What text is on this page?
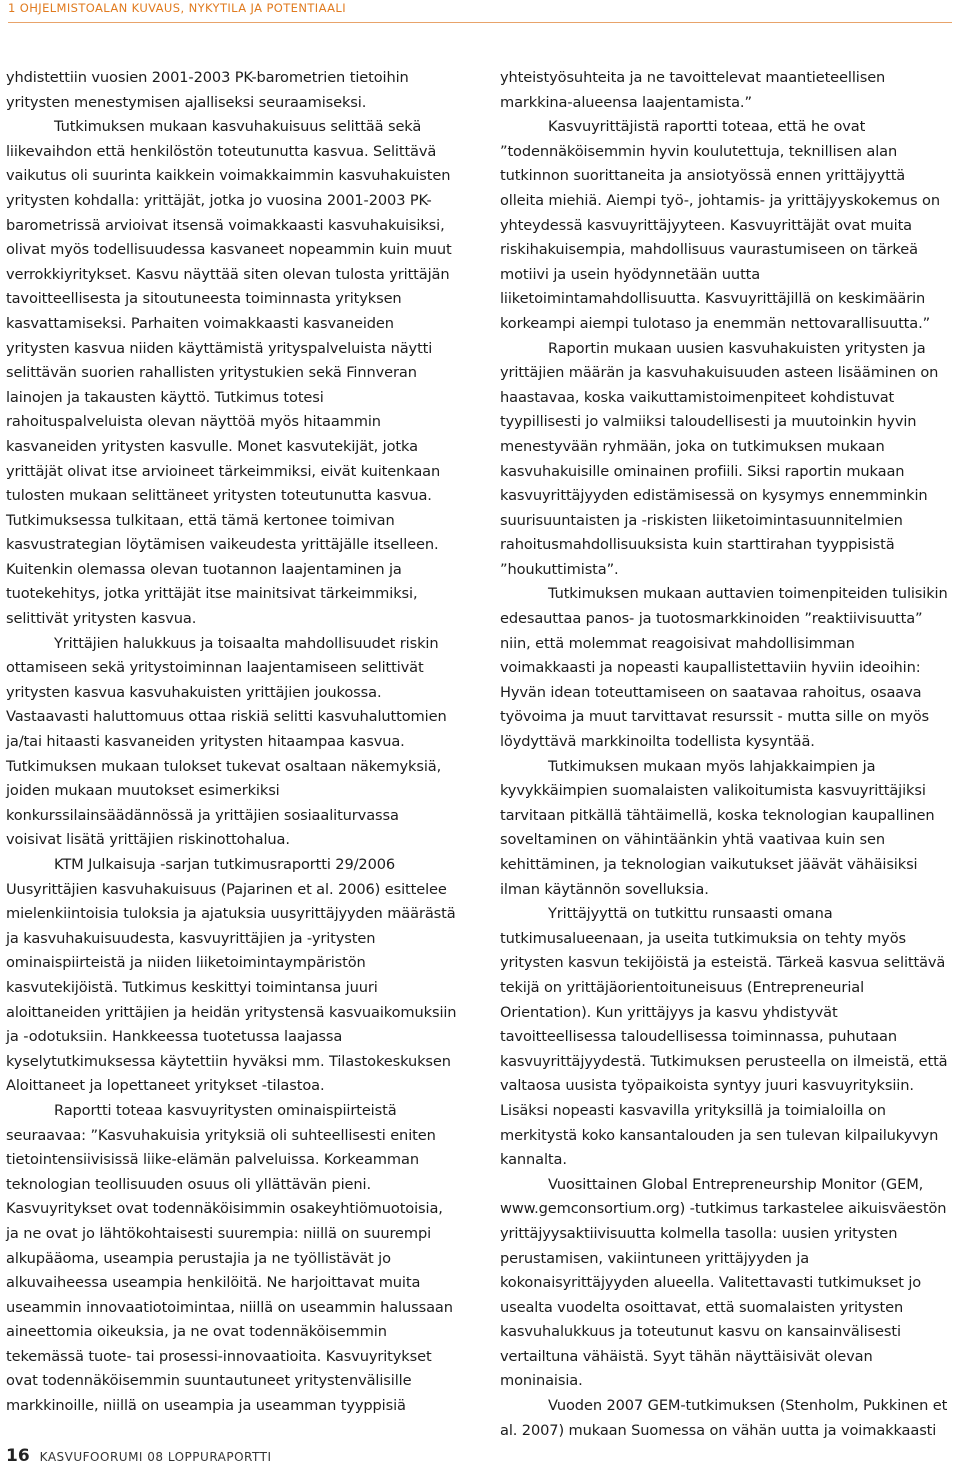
1 OHJELMISTOALAN KUVAUS, NYKYTILA JA POTENTIAALI

yhdistettiin vuosien 2001-2003 PK-barometrien tietoihin yritysten menestymisen ajalliseksi seuraamiseksi.

Tutkimuksen mukaan kasvuhakuisuus selittää sekä liikevaihdon että henkilöstön toteutunutta kasvua. Selittävä vaikutus oli suurinta kaikkein voimakkaimmin kasvuhakuisten yritysten kohdalla: yrittäjät, jotka jo vuosina 2001-2003 PK-barometrissä arvioivat itsensä voimakkaasti kasvuhakuisiksi, olivat myös todellisuudessa kasvaneet nopeammin kuin muut verrokkiyritykset. Kasvu näyttää siten olevan tulosta yrittäjän tavoitteellisesta ja sitoutuneesta toiminnasta yrityksen kasvattamiseksi. Parhaiten voimakkaasti kasvaneiden yritysten kasvua niiden käyttämistä yrityspalveluista näytti selittävän suorien rahallisten yritystukien sekä Finnveran lainojen ja takausten käyttö. Tutkimus totesi rahoituspalveluista olevan näyttöä myös hitaammin kasvaneiden yritysten kasvulle. Monet kasvutekijät, jotka yrittäjät olivat itse arvioineet tärkeimmiksi, eivät kuitenkaan tulosten mukaan selittäneet yritysten toteutunutta kasvua. Tutkimuksessa tulkitaan, että tämä kertonee toimivan kasvustrategian löytämisen vaikeudesta yrittäjälle itselleen. Kuitenkin olemassa olevan tuotannon laajentaminen ja tuotekehitys, jotka yrittäjät itse mainitsivat tärkeimmiksi, selittivät yritysten kasvua.

Yrittäjien halukkuus ja toisaalta mahdollisuudet riskin ottamiseen sekä yritystoiminnan laajentamiseen selittivät yritysten kasvua kasvuhakuisten yrittäjien joukossa. Vastaavasti haluttomuus ottaa riskiä selitti kasvuhaluttomien ja/tai hitaasti kasvaneiden yritysten hitaampaa kasvua. Tutkimuksen mukaan tulokset tukevat osaltaan näkemyksiä, joiden mukaan muutokset esimerkiksi konkurssilainsäädännössä ja yrittäjien sosiaaliturvassa voisivat lisätä yrittäjien riskinottohalua.

KTM Julkaisuja -sarjan tutkimusraportti 29/2006 Uusyrittäjien kasvuhakuisuus (Pajarinen et al. 2006) esittelee mielenkiintoisia tuloksia ja ajatuksia uusyrittäjyyden määrästä ja kasvuhakuisuudesta, kasvuyrittäjien ja -yritysten ominaispiirteistä ja niiden liiketoimintaympäristön kasvutekijöistä. Tutkimus keskittyi toimintansa juuri aloittaneiden yrittäjien ja heidän yritystensä kasvuaikomuksiin ja -odotuksiin. Hankkeessa tuotetussa laajassa kyselytutkimuksessa käytettiin hyväksi mm. Tilastokeskuksen Aloittaneet ja lopettaneet yritykset -tilastoa.

Raportti toteaa kasvuyritysten ominaispiirteistä seuraavaa: ”Kasvuhakuisia yrityksiä oli suhteellisesti eniten tietointensiivisissä liike-elämän palveluissa. Korkeamman teknologian teollisuuden osuus oli yllättävän pieni. Kasvuyritykset ovat todennäköisimmin osakeyhtiömuotoisia, ja ne ovat jo lähtökohtaisesti suurempia: niillä on suurempi alkupääoma, useampia perustajia ja ne työllistävät jo alkuvaiheessa useampia henkilöitä. Ne harjoittavat muita useammin innovaatiotoimintaa, niillä on useammin halussaan aineettomia oikeuksia, ja ne ovat todennäköisemmin tekemässä tuote- tai prosessi-innovaatioita. Kasvuyritykset ovat todennäköisemmin suuntautuneet yritystenvälisille markkinoille, niillä on useampia ja useamman tyyppisiä

yhteistyösuhteita ja ne tavoittelevat maantieteellisen markkina-alueensa laajentamista.”

Kasvuyrittäjistä raportti toteaa, että he ovat ”todennäköisemmin hyvin koulutettuja, teknillisen alan tutkinnon suorittaneita ja ansiotyössä ennen yrittäjyyttä olleita miehiä. Aiempi työ-, johtamis- ja yrittäjyyskokemus on yhteydessä kasvuyrittäjyyteen. Kasvuyrittäjät ovat muita riskihakuisempia, mahdollisuus vaurastumiseen on tärkeä motiivi ja usein hyödynnetään uutta liiketoimintamahdollisuutta. Kasvuyrittäjillä on keskimäärin korkeampi aiempi tulotaso ja enemmän nettovarallisuutta.”

Raportin mukaan uusien kasvuhakuisten yritysten ja yrittäjien määrän ja kasvuhakuisuuden asteen lisääminen on haastavaa, koska vaikuttamistoimenpiteet kohdistuvat tyypillisesti jo valmiiksi taloudellisesti ja muutoinkin hyvin menestyvään ryhmään, joka on tutkimuksen mukaan kasvuhakuisille ominainen profiili. Siksi raportin mukaan kasvuyrittäjyyden edistämisessä on kysymys ennemminkin suurisuuntaisten ja -riskisten liiketoimintasuunnitelmien rahoitusmahdollisuuksista kuin starttirahan tyyppisistä ”houkuttimista”.

Tutkimuksen mukaan auttavien toimenpiteiden tulisikin edesauttaa panos- ja tuotosmarkkinoiden ”reaktiivisuutta” niin, että molemmat reagoisivat mahdollisimman voimakkaasti ja nopeasti kaupallistettaviin hyviin ideoihin: Hyvän idean toteuttamiseen on saatavaa rahoitus, osaava työvoima ja muut tarvittavat resurssit - mutta sille on myös löydyttävä markkinoilta todellista kysyntää.

Tutkimuksen mukaan myös lahjakkaimpien ja kyvykkäimpien suomalaisten valikoitumista kasvuyrittäjiksi tarvitaan pitkällä tähtäimellä, koska teknologian kaupallinen soveltaminen on vähintäänkin yhtä vaativaa kuin sen kehittäminen, ja teknologian vaikutukset jäävät vähäisiksi ilman käytännön sovelluksia.

Yrittäjyyttä on tutkittu runsaasti omana tutkimusalueenaan, ja useita tutkimuksia on tehty myös yritysten kasvun tekijöistä ja esteistä. Tärkeä kasvua selittävä tekijä on yrittäjäorientoituneisuus (Entrepreneurial Orientation). Kun yrittäjyys ja kasvu yhdistyvät tavoitteellisessa taloudellisessa toiminnassa, puhutaan kasvuyrittäjyydestä. Tutkimuksen perusteella on ilmeistä, että valtaosa uusista työpaikoista syntyy juuri kasvuyrityksiin. Lisäksi nopeasti kasvavilla yrityksillä ja toimialoilla on merkitystä koko kansantalouden ja sen tulevan kilpailukyvyn kannalta.

Vuosittainen Global Entrepreneurship Monitor (GEM, www.gemconsortium.org) -tutkimus tarkastelee aikuisväestön yrittäjyysaktiivisuutta kolmella tasolla: uusien yritysten perustamisen, vakiintuneen yrittäjyyden ja kokonaisyrittäjyyden alueella. Valitettavasti tutkimukset jo usealta vuodelta osoittavat, että suomalaisten yritysten kasvuhalukkuus ja toteutunut kasvu on kansainvälisesti vertailtuna vähäistä. Syyt tähän näyttäisivät olevan moninaisia.

Vuoden 2007 GEM-tutkimuksen (Stenholm, Pukkinen et al. 2007) mukaan Suomessa on vähän uutta ja voimakkaasti

16 KASVUFOORUMI 08 LOPPURAPORTTI
